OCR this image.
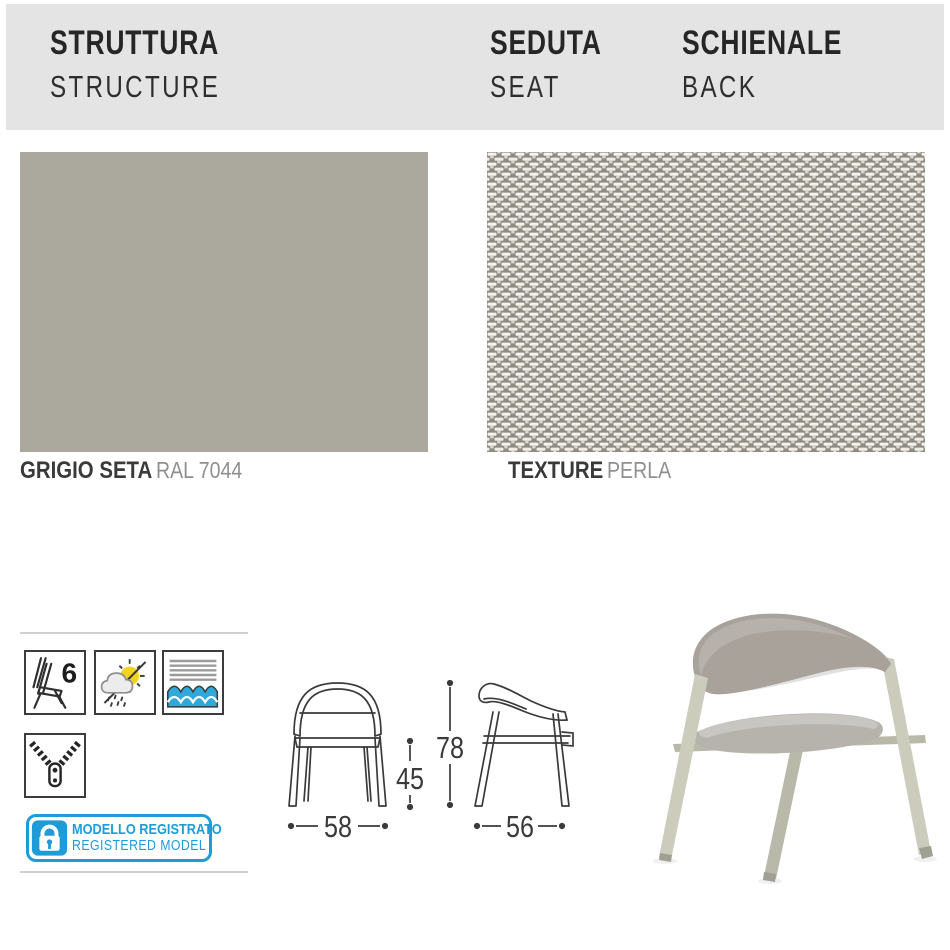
STRUTTURA
STRUCTURE
SEDUTA
SEAT
SCHIENALE
BACK
GRIGIO SETA RAL 7044	TEXTURE PERLA
6
MODELLO REGISTRATO
REGISTERED MODEL
45
78
58	56
